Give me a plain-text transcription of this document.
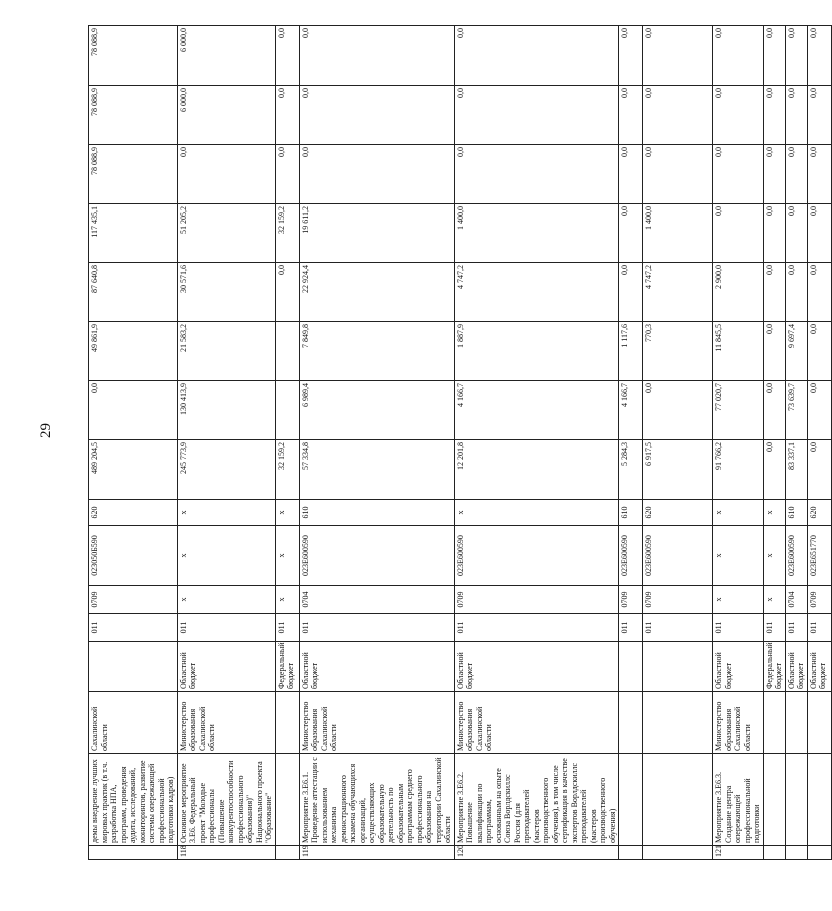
29
	демы внедрение лучших мировых практик (в т.ч. разработка НПА, программ, проведения аудита, исследований, мониторингов, развитие системы опережающей профессиональной подготовки кадров)	Сахалинской области		011	0709	023050Б590	620	489 204,5	0,0	49 861,9	87 640,8	117 435,1	78 088,9	78 088,9	78 088,9
118	Основное мероприятие 3.Е6. Федеральный проект "Молодые профессионалы (Повышение конкурентоспособности профессионального образования)" Национального проекта "Образование"	Министерство образования Сахалинской области	Областной бюджет	011	х	х	х	245 773,9	130 413,9	21 583,2	30 571,6	51 205,2	0,0	6 000,0	6 000,0
			Федеральный бюджет	011	х	х	х	32 159,2			0,0	32 159,2	0,0	0,0	0,0
119	Мероприятие 3.Е6.1. Проведение аттестации с использованием механизма демонстрационного экзамена обучающихся организаций, осуществляющих образовательную деятельность по образовательным программам среднего профессионального образования на территории Сахалинской области	Министерство образования Сахалинской области	Областной бюджет	011	0704	023Е600590	610	57 334,8	6 989,4	7 849,8	22 924,4	19 611,2	0,0	0,0	0,0
120	Мероприятие 3.Е6.2. Повышение квалификации по программам, основанным на опыте Союза Ворлдскиллс Россия (для преподавателей (мастеров производственного обучения), в том числе сертификация в качестве экспертов Ворлдскиллс преподавателей (мастеров производственного обучения)	Министерство образования Сахалинской области	Областной бюджет	011	0709	023Е600590	х	12 201,8	4 166,7	1 887,9	4 747,2	1 400,0	0,0	0,0	0,0
				011	0709	023Е600590	610	5 284,3	4 166,7	1 117,6	0,0	0,0	0,0	0,0	0,0
				011	0709	023Е600590	620	6 917,5	0,0	770,3	4 747,2	1 400,0	0,0	0,0	0,0
121	Мероприятие 3.Е6.3. Создание центра опережающей профессиональной подготовки	Министерство образования Сахалинской области	Областной бюджет	011	х	х	х	91 766,2	77 020,7	11 845,5	2 900,0	0,0	0,0	0,0	0,0
			Федеральный бюджет	011	х	х	х	0,0	0,0	0,0	0,0	0,0	0,0	0,0	0,0
			Областной бюджет	011	0704	023Е600590	610	83 337,1	73 639,7	9 697,4	0,0	0,0	0,0	0,0	0,0
			Областной бюджет	011	0709	023Е651770	620	0,0	0,0	0,0	0,0	0,0	0,0	0,0	0,0
